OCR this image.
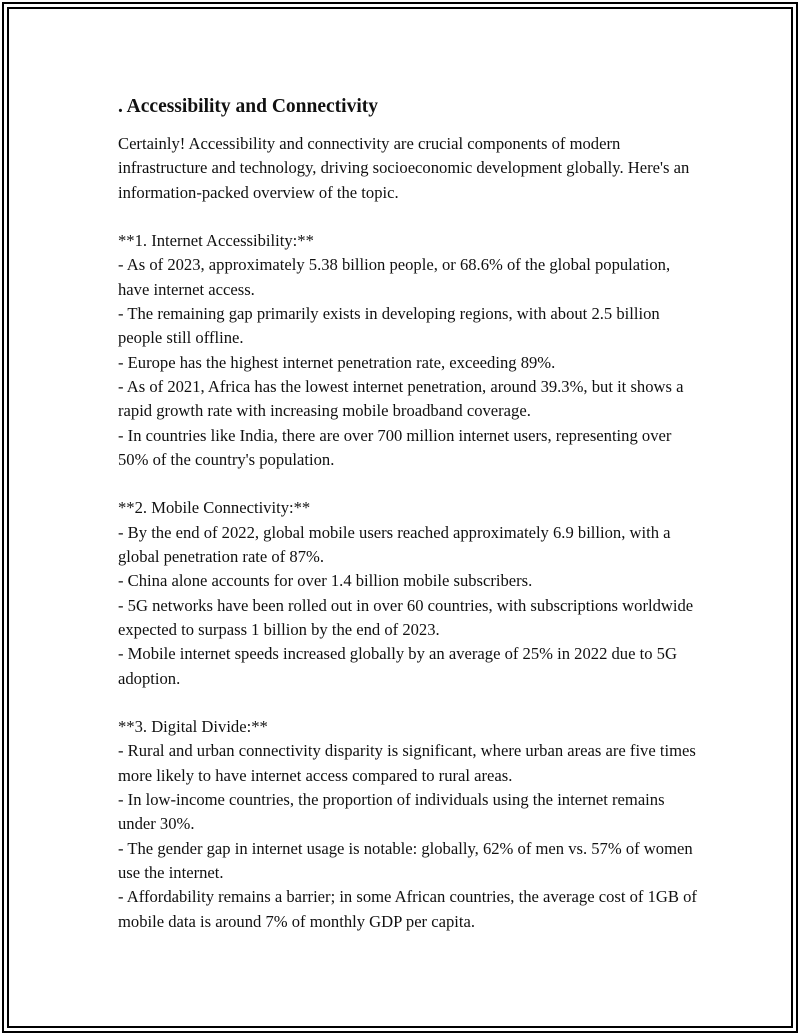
. Accessibility and Connectivity

Certainly! Accessibility and connectivity are crucial components of modern infrastructure and technology, driving socioeconomic development globally. Here's an information-packed overview of the topic.

**1. Internet Accessibility:**

- As of 2023, approximately 5.38 billion people, or 68.6% of the global population, have internet access.

- The remaining gap primarily exists in developing regions, with about 2.5 billion people still offline.

- Europe has the highest internet penetration rate, exceeding 89%.

- As of 2021, Africa has the lowest internet penetration, around 39.3%, but it shows a rapid growth rate with increasing mobile broadband coverage.

- In countries like India, there are over 700 million internet users, representing over 50% of the country's population.

**2. Mobile Connectivity:**

- By the end of 2022, global mobile users reached approximately 6.9 billion, with a global penetration rate of 87%.

- China alone accounts for over 1.4 billion mobile subscribers.

- 5G networks have been rolled out in over 60 countries, with subscriptions worldwide expected to surpass 1 billion by the end of 2023.

- Mobile internet speeds increased globally by an average of 25% in 2022 due to 5G adoption.

**3. Digital Divide:**

- Rural and urban connectivity disparity is significant, where urban areas are five times more likely to have internet access compared to rural areas.

- In low-income countries, the proportion of individuals using the internet remains under 30%.

- The gender gap in internet usage is notable: globally, 62% of men vs. 57% of women use the internet.

- Affordability remains a barrier; in some African countries, the average cost of 1GB of mobile data is around 7% of monthly GDP per capita.
